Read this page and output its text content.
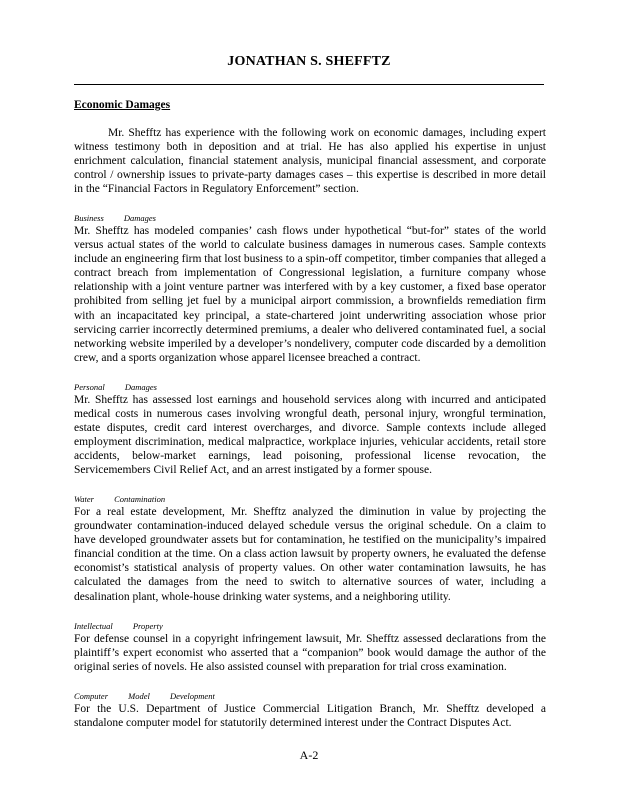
JONATHAN S. SHEFFTZ
Economic Damages

Mr. Shefftz has experience with the following work on economic damages, including expert witness testimony both in deposition and at trial. He has also applied his expertise in unjust enrichment calculation, financial statement analysis, municipal financial assessment, and corporate control / ownership issues to private-party damages cases – this expertise is described in more detail in the “Financial Factors in Regulatory Enforcement” section.

Business Damages

Mr. Shefftz has modeled companies’ cash flows under hypothetical “but-for” states of the world versus actual states of the world to calculate business damages in numerous cases. Sample contexts include an engineering firm that lost business to a spin-off competitor, timber companies that alleged a contract breach from implementation of Congressional legislation, a furniture company whose relationship with a joint venture partner was interfered with by a key customer, a fixed base operator prohibited from selling jet fuel by a municipal airport commission, a brownfields remediation firm with an incapacitated key principal, a state-chartered joint underwriting association whose prior servicing carrier incorrectly determined premiums, a dealer who delivered contaminated fuel, a social networking website imperiled by a developer’s nondelivery, computer code discarded by a demolition crew, and a sports organization whose apparel licensee breached a contract.

Personal Damages

Mr. Shefftz has assessed lost earnings and household services along with incurred and anticipated medical costs in numerous cases involving wrongful death, personal injury, wrongful termination, estate disputes, credit card interest overcharges, and divorce. Sample contexts include alleged employment discrimination, medical malpractice, workplace injuries, vehicular accidents, retail store accidents, below-market earnings, lead poisoning, professional license revocation, the Servicemembers Civil Relief Act, and an arrest instigated by a former spouse.

Water Contamination

For a real estate development, Mr. Shefftz analyzed the diminution in value by projecting the groundwater contamination-induced delayed schedule versus the original schedule. On a claim to have developed groundwater assets but for contamination, he testified on the municipality’s impaired financial condition at the time. On a class action lawsuit by property owners, he evaluated the defense economist’s statistical analysis of property values. On other water contamination lawsuits, he has calculated the damages from the need to switch to alternative sources of water, including a desalination plant, whole-house drinking water systems, and a neighboring utility.

Intellectual Property

For defense counsel in a copyright infringement lawsuit, Mr. Shefftz assessed declarations from the plaintiff’s expert economist who asserted that a “companion” book would damage the author of the original series of novels. He also assisted counsel with preparation for trial cross examination.

Computer Model Development

For the U.S. Department of Justice Commercial Litigation Branch, Mr. Shefftz developed a standalone computer model for statutorily determined interest under the Contract Disputes Act.

A-2
